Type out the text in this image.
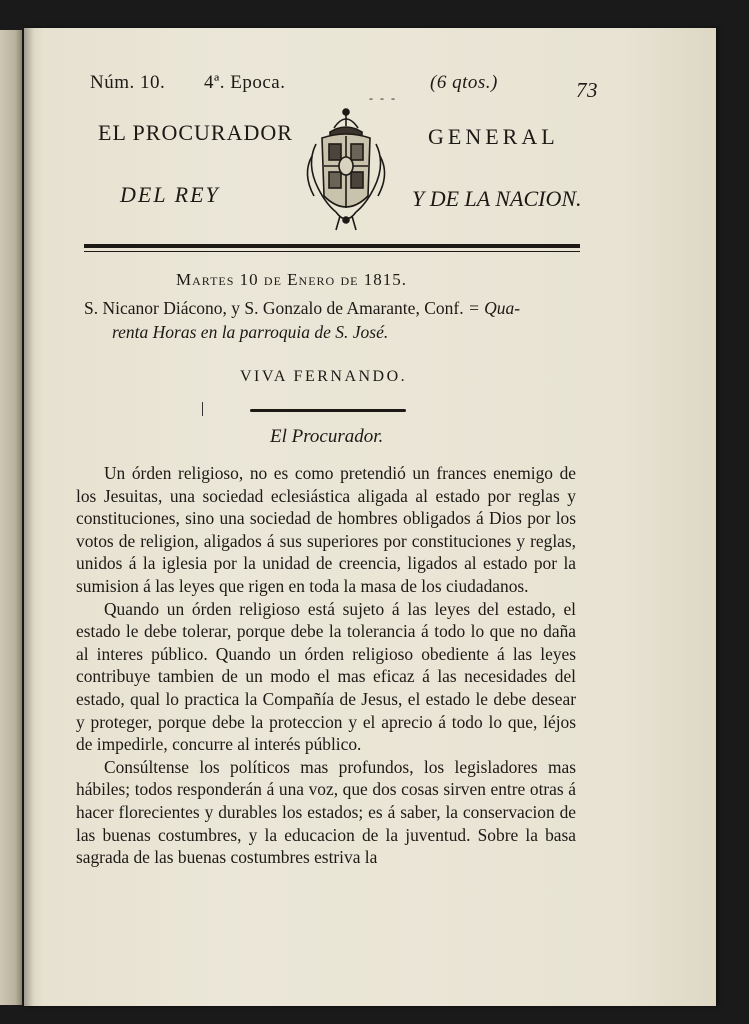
Núm. 10. 4ª. Epoca.
‐ ‐ ‐
(6 qtos.)	73
EL PROCURADOR	GENERAL
DEL REY	Y DE LA NACION.
Martes 10 de Enero de 1815.
S. Nicanor Diácono, y S. Gonzalo de Amarante, Conf. = Qua-
renta Horas en la parroquia de S. José.
VIVA FERNANDO.
El Procurador.

Un órden religioso, no es como pretendió un frances enemigo de los Jesuitas, una sociedad eclesiástica aligada al estado por reglas y constituciones, sino una sociedad de hombres obligados á Dios por los votos de religion, aligados á sus superiores por constituciones y reglas, unidos á la iglesia por la unidad de creencia, ligados al estado por la sumision á las leyes que rigen en toda la masa de los ciudadanos.

Quando un órden religioso está sujeto á las leyes del estado, el estado le debe tolerar, porque debe la tolerancia á todo lo que no daña al interes público. Quando un órden religioso obediente á las leyes contribuye tambien de un modo el mas eficaz á las necesidades del estado, qual lo practica la Compañía de Jesus, el estado le debe desear y proteger, porque debe la proteccion y el aprecio á todo lo que, léjos de impedirle, concurre al interés público.

Consúltense los políticos mas profundos, los legisladores mas hábiles; todos responderán á una voz, que dos cosas sirven entre otras á hacer florecientes y durables los estados; es á saber, la conservacion de las buenas costumbres, y la educacion de la juventud. Sobre la basa sagrada de las buenas costumbres estriva la
